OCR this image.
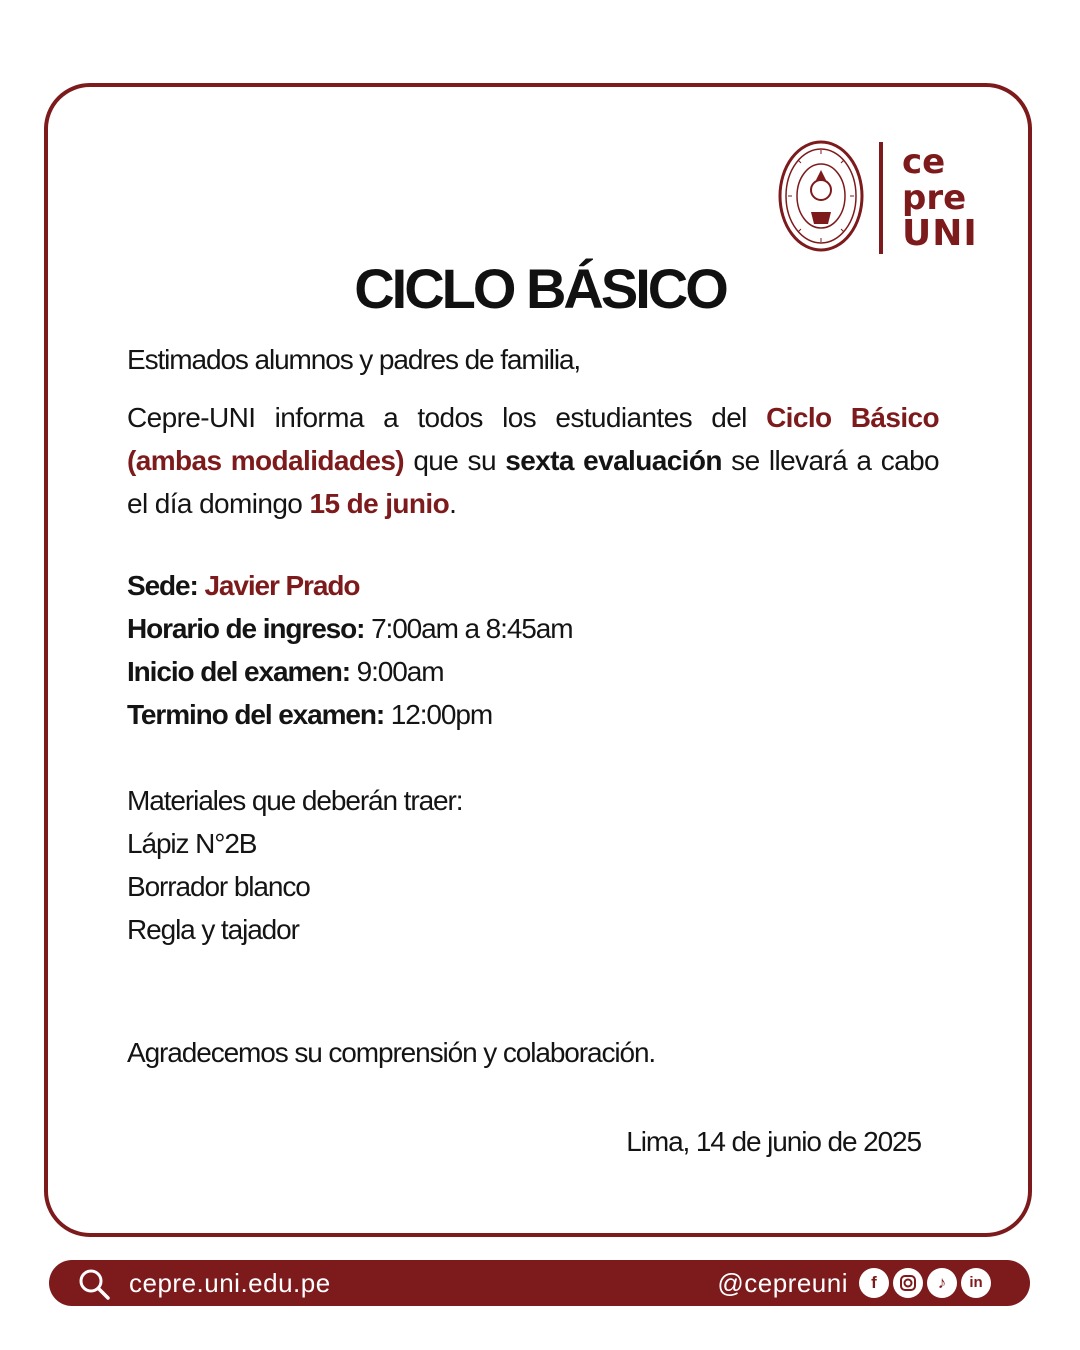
ce
pre
UNI
CICLO BÁSICO
Estimados alumnos y padres de familia,
Cepre-UNI informa a todos los estudiantes del Ciclo Básico (ambas modalidades) que su sexta evaluación se llevará a cabo el día domingo 15 de junio.
Sede: Javier Prado
Horario de ingreso: 7:00am a 8:45am
Inicio del examen: 9:00am
Termino del examen: 12:00pm
Materiales que deberán traer:
Lápiz N°2B
Borrador blanco
Regla y tajador
Agradecemos su comprensión y colaboración.
Lima, 14 de junio de 2025
cepre.uni.edu.pe	@cepreuni	f	♪	in
